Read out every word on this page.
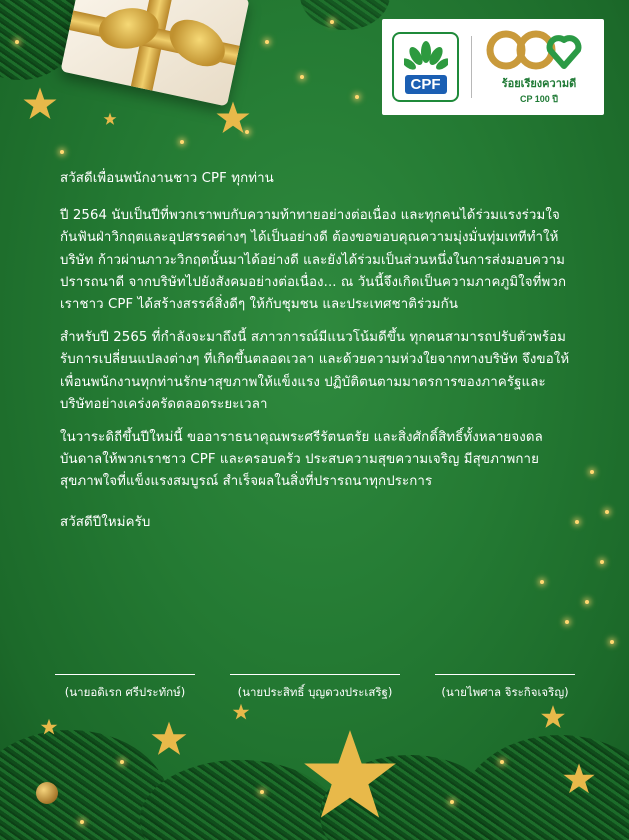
CPF	ร้อยเรียงความดี
CP 100 ปี

สวัสดีเพื่อนพนักงานชาว CPF ทุกท่าน

ปี 2564 นับเป็นปีที่พวกเราพบกับความท้าทายอย่างต่อเนื่อง และทุกคนได้ร่วมแรงร่วมใจกันฟันฝ่าวิกฤตและอุปสรรคต่างๆ ได้เป็นอย่างดี ต้องขอขอบคุณความมุ่งมั่นทุ่มเททีทำให้บริษัท ก้าวผ่านภาวะวิกฤตนั้นมาได้อย่างดี และยังได้ร่วมเป็นส่วนหนึ่งในการส่งมอบความปรารถนาดี จากบริษัทไปยังสังคมอย่างต่อเนื่อง... ณ วันนี้จึงเกิดเป็นความภาคภูมิใจที่พวกเราชาว CPF ได้สร้างสรรค์สิ่งดีๆ ให้กับชุมชน และประเทศชาติร่วมกัน

สำหรับปี 2565 ที่กำลังจะมาถึงนี้ สภาวการณ์มีแนวโน้มดีขึ้น ทุกคนสามารถปรับตัวพร้อมรับการเปลี่ยนแปลงต่างๆ ที่เกิดขึ้นตลอดเวลา และด้วยความห่วงใยจากทางบริษัท จึงขอให้เพื่อนพนักงานทุกท่านรักษาสุขภาพให้แข็งแรง ปฏิบัติตนตามมาตรการของภาครัฐและบริษัทอย่างเคร่งครัดตลอดระยะเวลา

ในวาระดิถีขึ้นปีใหม่นี้ ขออาราธนาคุณพระศรีรัตนตรัย และสิ่งศักดิ์สิทธิ์ทั้งหลายจงดลบันดาลให้พวกเราชาว CPF และครอบครัว ประสบความสุขความเจริญ มีสุขภาพกาย สุขภาพใจที่แข็งแรงสมบูรณ์ สำเร็จผลในสิ่งที่ปรารถนาทุกประการ

สวัสดีปีใหม่ครับ

(นายอดิเรก ศรีประทักษ์)	(นายประสิทธิ์ บุญดวงประเสริฐ)	(นายไพศาล จิระกิจเจริญ)
